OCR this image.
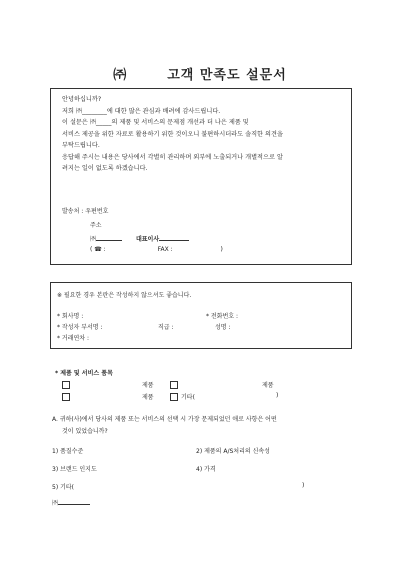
㈜	고객 만족도 설문서
안녕하십니까?
저희 ㈜________에 대한 많은 관심과 배려에 감사드립니다.
이 설문은 ㈜_____의 제품 및 서비스의 문제점 개선과 더 나은 제품 및
서비스 제공을 위한 자료로 활용하기 위한 것이오니 불편하시더라도 솔직한 의견을
부탁드립니다.
응답해 주시는 내용은 당사에서 각별히 관리하며 외부에 노출되거나 개별적으로 알
려지는 일이 없도록 하겠습니다.
발송처 : 우편번호
주소
㈜	대표이사
( ☎ :	FAX :	)
※ 필요한 경우 본란은 작성하지 않으셔도 좋습니다.
* 회사명 :	* 전화번호 :
* 작성자 부서명 :	직급 :	성명 :
* 거래연차 :
* 제품 및 서비스 품목
제품	제품
제품	기타(	)
A. 귀하(사)에서 당사의 제품 또는 서비스의 선택 시 가장 문제되었던 애로 사항은 어떤
것이 있었습니까?
1) 품질수준	2) 제품의 A/S처리의 신속성
3) 브랜드 인지도	4) 가격
5) 기타(	)
㈜
